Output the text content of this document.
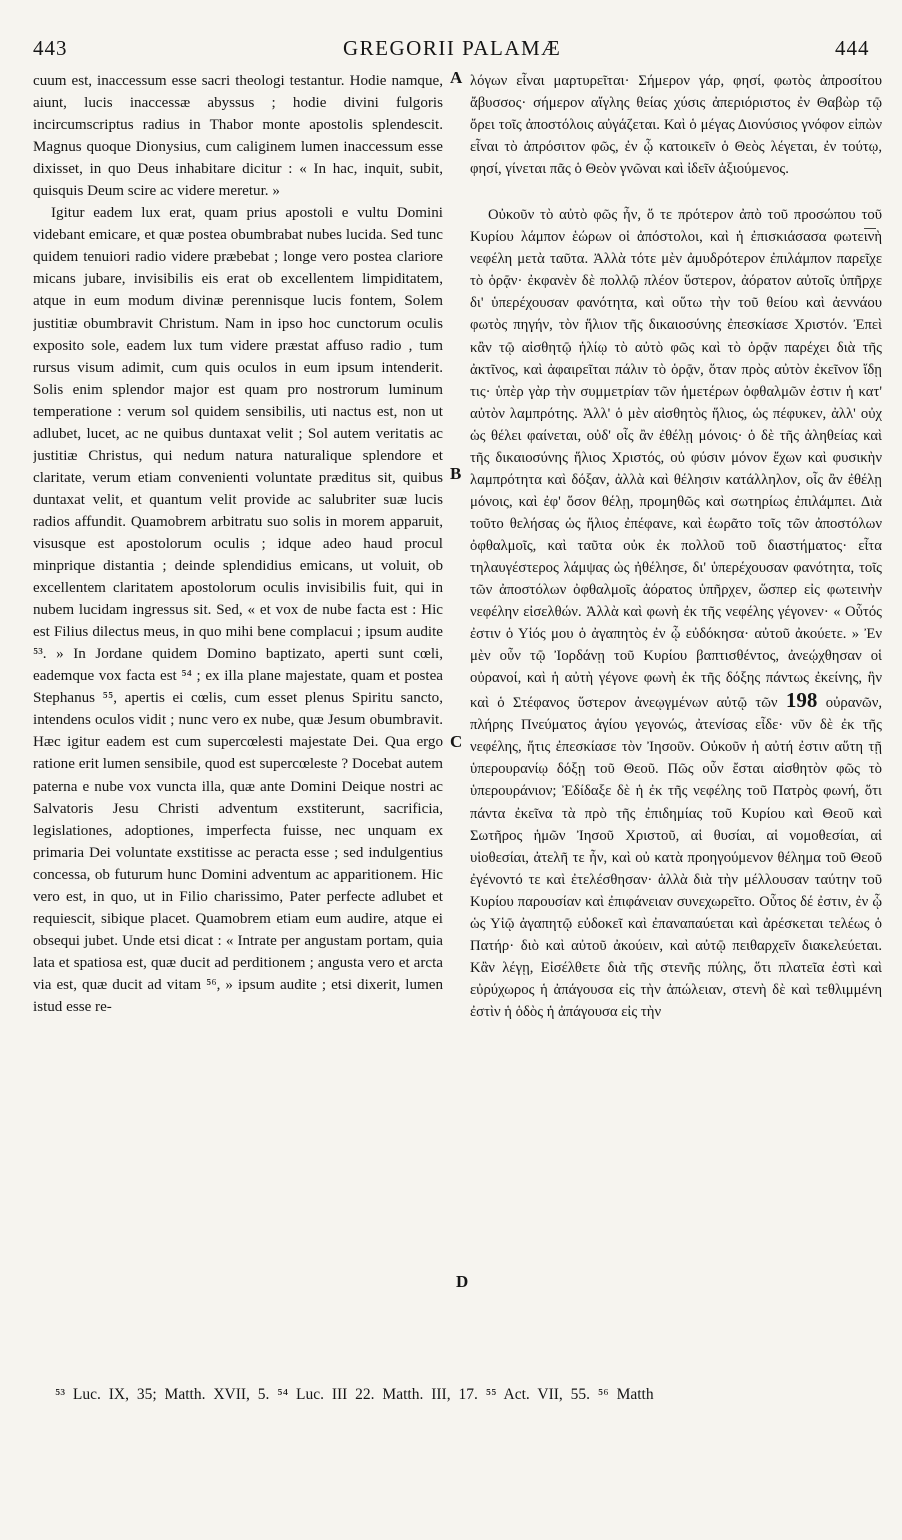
443	GREGORII PALAMÆ	444

cuum est, inaccessum esse sacri theologi testantur. Hodie namque, aiunt, lucis inaccessæ abyssus ; hodie divini fulgoris incircumscriptus radius in Thabor monte apostolis splendescit. Magnus quoque Dionysius, cum caliginem lumen inaccessum esse dixisset, in quo Deus inhabitare dicitur : « In hac, inquit, subit, quisquis Deum scire ac videre meretur. »

Igitur eadem lux erat, quam prius apostoli e vultu Domini videbant emicare, et quæ postea obumbrabat nubes lucida. Sed tunc quidem tenuiori radio videre præbebat ; longe vero postea clariore micans jubare, invisibilis eis erat ob excellentem limpiditatem, atque in eum modum divinæ perennisque lucis fontem, Solem justitiæ obumbravit Christum. Nam in ipso hoc cunctorum oculis exposito sole, eadem lux tum videre præstat affuso radio , tum rursus visum adimit, cum quis oculos in eum ipsum intenderit. Solis enim splendor major est quam pro nostrorum luminum temperatione : verum sol quidem sensibilis, uti nactus est, non ut adlubet, lucet, ac ne quibus duntaxat velit ; Sol autem veritatis ac justitiæ Christus, qui nedum natura naturalique splendore et claritate, verum etiam convenienti voluntate præditus sit, quibus duntaxat velit, et quantum velit provide ac salubriter suæ lucis radios affundit. Quamobrem arbitratu suo solis in morem apparuit, visusque est apostolorum oculis ; idque adeo haud procul minprique distantia ; deinde splendidius emicans, ut voluit, ob excellentem claritatem apostolorum oculis invisibilis fuit, qui in nubem lucidam ingressus sit. Sed, « et vox de nube facta est : Hic est Filius dilectus meus, in quo mihi bene complacui ; ipsum audite ⁵³. » In Jordane quidem Domino baptizato, aperti sunt cœli, eademque vox facta est ⁵⁴ ; ex illa plane majestate, quam et postea Stephanus ⁵⁵, apertis ei cœlis, cum esset plenus Spiritu sancto, intendens oculos vidit ; nunc vero ex nube, quæ Jesum obumbravit. Hæc igitur eadem est cum supercœlesti majestate Dei. Qua ergo ratione erit lumen sensibile, quod est supercœleste ? Docebat autem paterna e nube vox vuncta illa, quæ ante Domini Deique nostri ac Salvatoris Jesu Christi adventum exstiterunt, sacrificia, legislationes, adoptiones, imperfecta fuisse, nec unquam ex primaria Dei voluntate exstitisse ac peracta esse ; sed indulgentius concessa, ob futurum hunc Domini adventum ac apparitionem. Hic vero est, in quo, ut in Filio charissimo, Pater perfecte adlubet et requiescit, sibique placet. Quamobrem etiam eum audire, atque ei obsequi jubet. Unde etsi dicat : « Intrate per angustam portam, quia lata et spatiosa est, quæ ducit ad perditionem ; angusta vero et arcta via est, quæ ducit ad vitam ⁵⁶, » ipsum audite ; etsi dixerit, lumen istud esse re-

A
B
C
D

λόγων εἶναι μαρτυρεῖται· Σήμερον γάρ, φησί, φωτὸς ἀπροσίτου ἄβυσσος· σήμερον αἴγλης θείας χύσις ἀπεριόριστος ἐν Θαβὼρ τῷ ὄρει τοῖς ἀποστόλοις αὐγάζεται. Καὶ ὁ μέγας Διονύσιος γνόφον εἰπὼν εἶναι τὸ ἀπρόσιτον φῶς, ἐν ᾧ κατοικεῖν ὁ Θεὸς λέγεται, ἐν τούτῳ, φησί, γίνεται πᾶς ὁ Θεὸν γνῶναι καὶ ἰδεῖν ἀξιούμενος.

Οὐκοῦν τὸ αὐτὸ φῶς ἦν, ὅ τε πρότερον ἀπὸ τοῦ προσώπου τοῦ Κυρίου λάμπον ἑώρων οἱ ἀπόστολοι, καὶ ἡ ἐπισκιάσασα φωτεινὴ νεφέλη μετὰ ταῦτα. Ἀλλὰ τότε μὲν ἀμυδρότερον ἐπιλάμπον παρεῖχε τὸ ὁρᾷν· ἐκφανὲν δὲ πολλῷ πλέον ὕστερον, ἀόρατον αὐτοῖς ὑπῆρχε δι' ὑπερέχουσαν φανότητα, καὶ οὕτω τὴν τοῦ θείου καὶ ἀεννάου φωτὸς πηγήν, τὸν ἥλιον τῆς δικαιοσύνης ἐπεσκίασε Χριστόν. Ἐπεὶ κἂν τῷ αἰσθητῷ ἡλίῳ τὸ αὐτὸ φῶς καὶ τὸ ὁρᾷν παρέχει διὰ τῆς ἀκτῖνος, καὶ ἀφαιρεῖται πάλιν τὸ ὁρᾷν, ὅταν πρὸς αὐτὸν ἐκεῖνον ἴδῃ τις· ὑπὲρ γὰρ τὴν συμμετρίαν τῶν ἡμετέρων ὀφθαλμῶν ἐστιν ἡ κατ' αὐτὸν λαμπρότης. Ἀλλ' ὁ μὲν αἰσθητὸς ἥλιος, ὡς πέφυκεν, ἀλλ' οὐχ ὡς θέλει φαίνεται, οὐδ' οἷς ἂν ἐθέλῃ μόνοις· ὁ δὲ τῆς ἀληθείας καὶ τῆς δικαιοσύνης ἥλιος Χριστός, οὐ φύσιν μόνον ἔχων καὶ φυσικὴν λαμπρότητα καὶ δόξαν, ἀλλὰ καὶ θέλησιν κατάλληλον, οἷς ἂν ἐθέλῃ μόνοις, καὶ ἐφ' ὅσον θέλῃ, προμηθῶς καὶ σωτηρίως ἐπιλάμπει. Διὰ τοῦτο θελήσας ὡς ἥλιος ἐπέφανε, καὶ ἑωρᾶτο τοῖς τῶν ἀποστόλων ὀφθαλμοῖς, καὶ ταῦτα οὐκ ἐκ πολλοῦ τοῦ διαστήματος· εἶτα τηλαυγέστερος λάμψας ὡς ἠθέλησε, δι' ὑπερέχουσαν φανότητα, τοῖς τῶν ἀποστόλων ὀφθαλμοῖς ἀόρατος ὑπῆρχεν, ὥσπερ εἰς φωτεινὴν νεφέλην εἰσελθών. Ἀλλὰ καὶ φωνὴ ἐκ τῆς νεφέλης γέγονεν· « Οὗτός ἐστιν ὁ Υἱός μου ὁ ἀγαπητὸς ἐν ᾧ εὐδόκησα· αὐτοῦ ἀκούετε. » Ἐν μὲν οὖν τῷ Ἰορδάνῃ τοῦ Κυρίου βαπτισθέντος, ἀνεῴχθησαν οἱ οὐρανοί, καὶ ἡ αὐτὴ γέγονε φωνὴ ἐκ τῆς δόξης πάντως ἐκείνης, ἣν καὶ ὁ Στέφανος ὕστερον ἀνεῳγμένων αὐτῷ τῶν 198 οὐρανῶν, πλήρης Πνεύματος ἁγίου γεγονώς, ἀτενίσας εἶδε· νῦν δὲ ἐκ τῆς νεφέλης, ἥτις ἐπεσκίασε τὸν Ἰησοῦν. Οὐκοῦν ἡ αὐτή ἐστιν αὕτη τῇ ὑπερουρανίῳ δόξῃ τοῦ Θεοῦ. Πῶς οὖν ἔσται αἰσθητὸν φῶς τὸ ὑπερουράνιον; Ἐδίδαξε δὲ ἡ ἐκ τῆς νεφέλης τοῦ Πατρὸς φωνή, ὅτι πάντα ἐκεῖνα τὰ πρὸ τῆς ἐπιδημίας τοῦ Κυρίου καὶ Θεοῦ καὶ Σωτῆρος ἡμῶν Ἰησοῦ Χριστοῦ, αἱ θυσίαι, αἱ νομοθεσίαι, αἱ υἱοθεσίαι, ἀτελῆ τε ἦν, καὶ οὐ κατὰ προηγούμενον θέλημα τοῦ Θεοῦ ἐγένοντό τε καὶ ἐτελέσθησαν· ἀλλὰ διὰ τὴν μέλλουσαν ταύτην τοῦ Κυρίου παρουσίαν καὶ ἐπιφάνειαν συνεχωρεῖτο. Οὗτος δέ ἐστιν, ἐν ᾧ ὡς Υἱῷ ἀγαπητῷ εὐδοκεῖ καὶ ἐπαναπαύεται καὶ ἀρέσκεται τελέως ὁ Πατήρ· διὸ καὶ αὐτοῦ ἀκούειν, καὶ αὐτῷ πειθαρχεῖν διακελεύεται. Κἂν λέγῃ, Εἰσέλθετε διὰ τῆς στενῆς πύλης, ὅτι πλατεῖα ἐστὶ καὶ εὐρύχωρος ἡ ἀπάγουσα εἰς τὴν ἀπώλειαν, στενὴ δὲ καὶ τεθλιμμένη ἐστὶν ἡ ὁδὸς ἡ ἀπάγουσα εἰς τὴν

⁵³ Luc. IX, 35; Matth. XVII, 5. ⁵⁴ Luc. III 22. Matth. III, 17. ⁵⁵ Act. VII, 55. ⁵⁶ Matth
